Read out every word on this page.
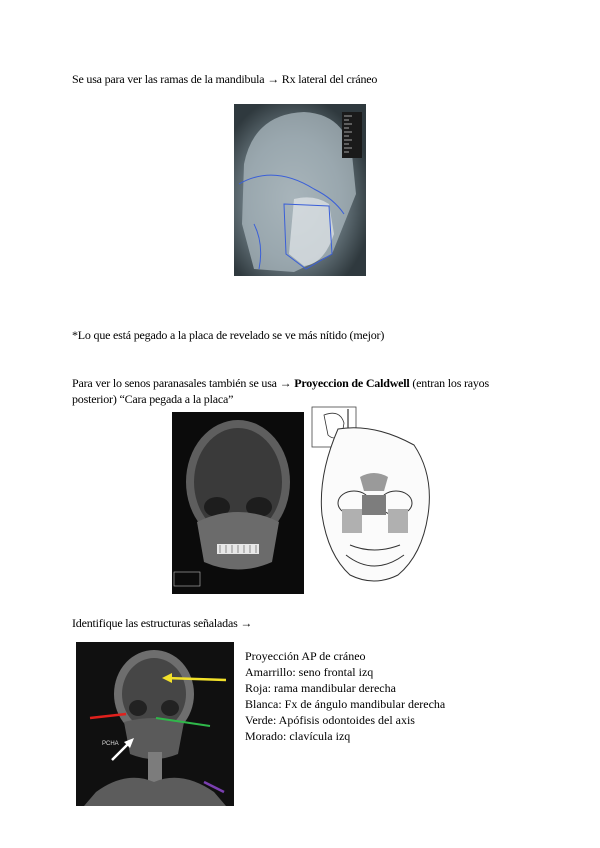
Se usa para ver las ramas de la mandibula → Rx lateral del cráneo
*Lo que está pegado a la placa de revelado se ve más nítido (mejor)
Para ver lo senos paranasales también se usa → Proyeccion de Caldwell (entran los rayos
posterior) “Cara pegada a la placa”
Identifique las estructuras señaladas →
PCHA
Proyección AP de cráneo
Amarrillo: seno frontal izq
Roja: rama mandibular derecha
Blanca: Fx de ángulo mandibular derecha
Verde: Apófisis odontoides del axis
Morado: clavícula izq
